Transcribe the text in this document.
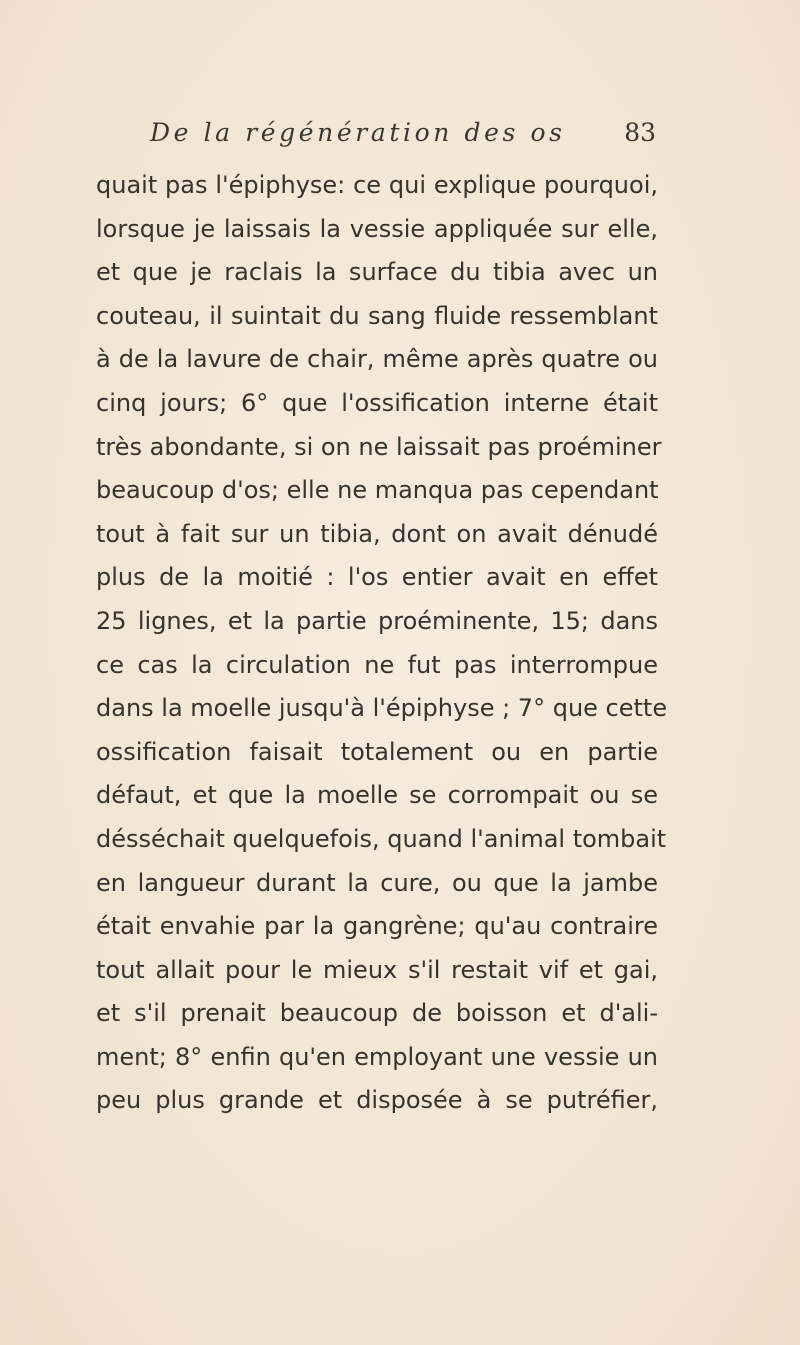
De la régénération des os 83
quait pas l'épiphyse: ce qui explique pourquoi,
lorsque je laissais la vessie appliquée sur elle,
et que je raclais la surface du tibia avec un
couteau, il suintait du sang fluide ressemblant
à de la lavure de chair, même après quatre ou
cinq jours; 6° que l'ossification interne était
très abondante, si on ne laissait pas proéminer
beaucoup d'os; elle ne manqua pas cependant
tout à fait sur un tibia, dont on avait dénudé
plus de la moitié : l'os entier avait en effet
25 lignes, et la partie proéminente, 15; dans
ce cas la circulation ne fut pas interrompue
dans la moelle jusqu'à l'épiphyse ; 7° que cette
ossification faisait totalement ou en partie
défaut, et que la moelle se corrompait ou se
désséchait quelquefois, quand l'animal tombait
en langueur durant la cure, ou que la jambe
était envahie par la gangrène; qu'au contraire
tout allait pour le mieux s'il restait vif et gai,
et s'il prenait beaucoup de boisson et d'ali-
ment; 8° enfin qu'en employant une vessie un
peu plus grande et disposée à se putréfier,
